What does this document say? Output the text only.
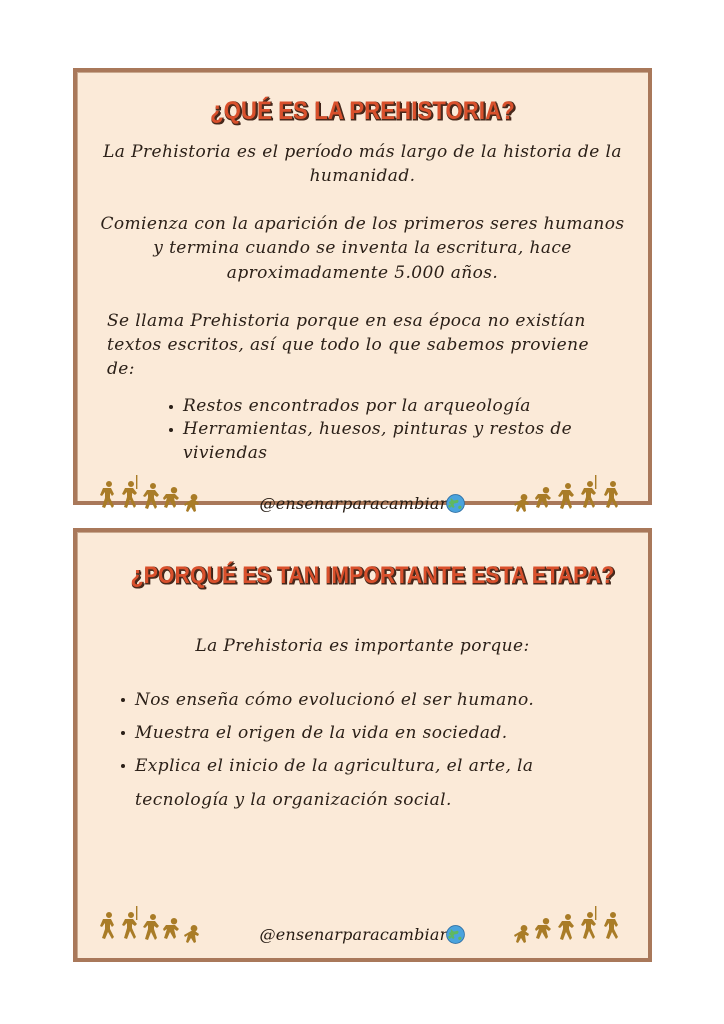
¿QUÉ ES LA PREHISTORIA?

La Prehistoria es el período más largo de la historia de la humanidad.

Comienza con la aparición de los primeros seres humanos y termina cuando se inventa la escritura, hace aproximadamente 5.000 años.

Se llama Prehistoria porque en esa época no existían textos escritos, así que todo lo que sabemos proviene de:

Restos encontrados por la arqueología
Herramientas, huesos, pinturas y restos de viviendas
@ensenarparacambiar
¿PORQUÉ ES TAN IMPORTANTE ESTA ETAPA?

La Prehistoria es importante porque:

Nos enseña cómo evolucionó el ser humano.
Muestra el origen de la vida en sociedad.
Explica el inicio de la agricultura, el arte, la tecnología y la organización social.
@ensenarparacambiar
